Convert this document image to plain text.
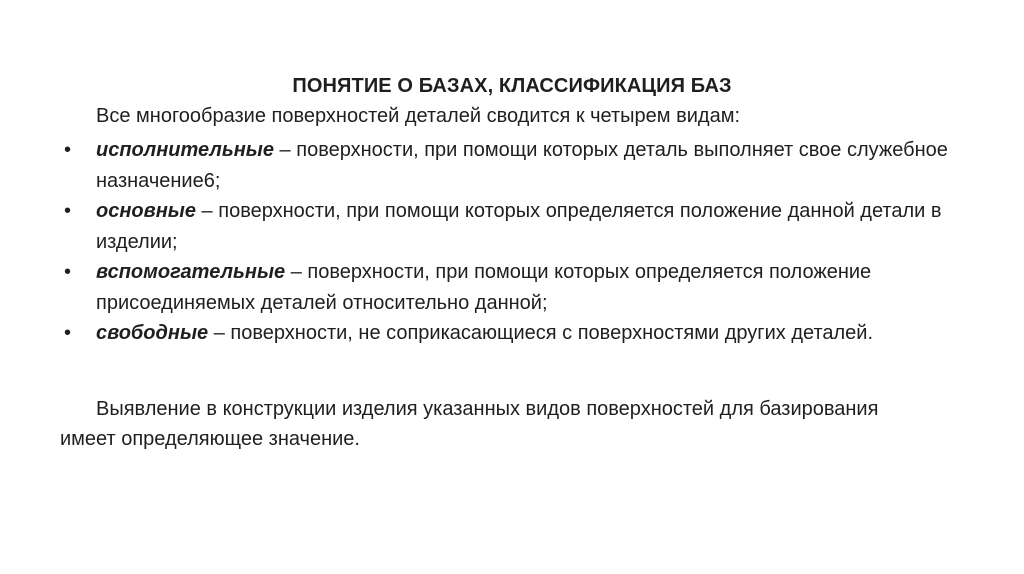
ПОНЯТИЕ О БАЗАХ, КЛАССИФИКАЦИЯ БАЗ
Все многообразие поверхностей деталей сводится к четырем видам:
• исполнительные – поверхности, при помощи которых деталь выполняет свое служебное назначение6;
• основные – поверхности, при помощи которых определяется положение данной детали в изделии;
• вспомогательные – поверхности, при помощи которых определяется положение присоединяемых деталей относительно данной;
• свободные – поверхности, не соприкасающиеся с поверхностями других деталей.
Выявление в конструкции изделия указанных видов поверхностей для базирования имеет определяющее значение.
